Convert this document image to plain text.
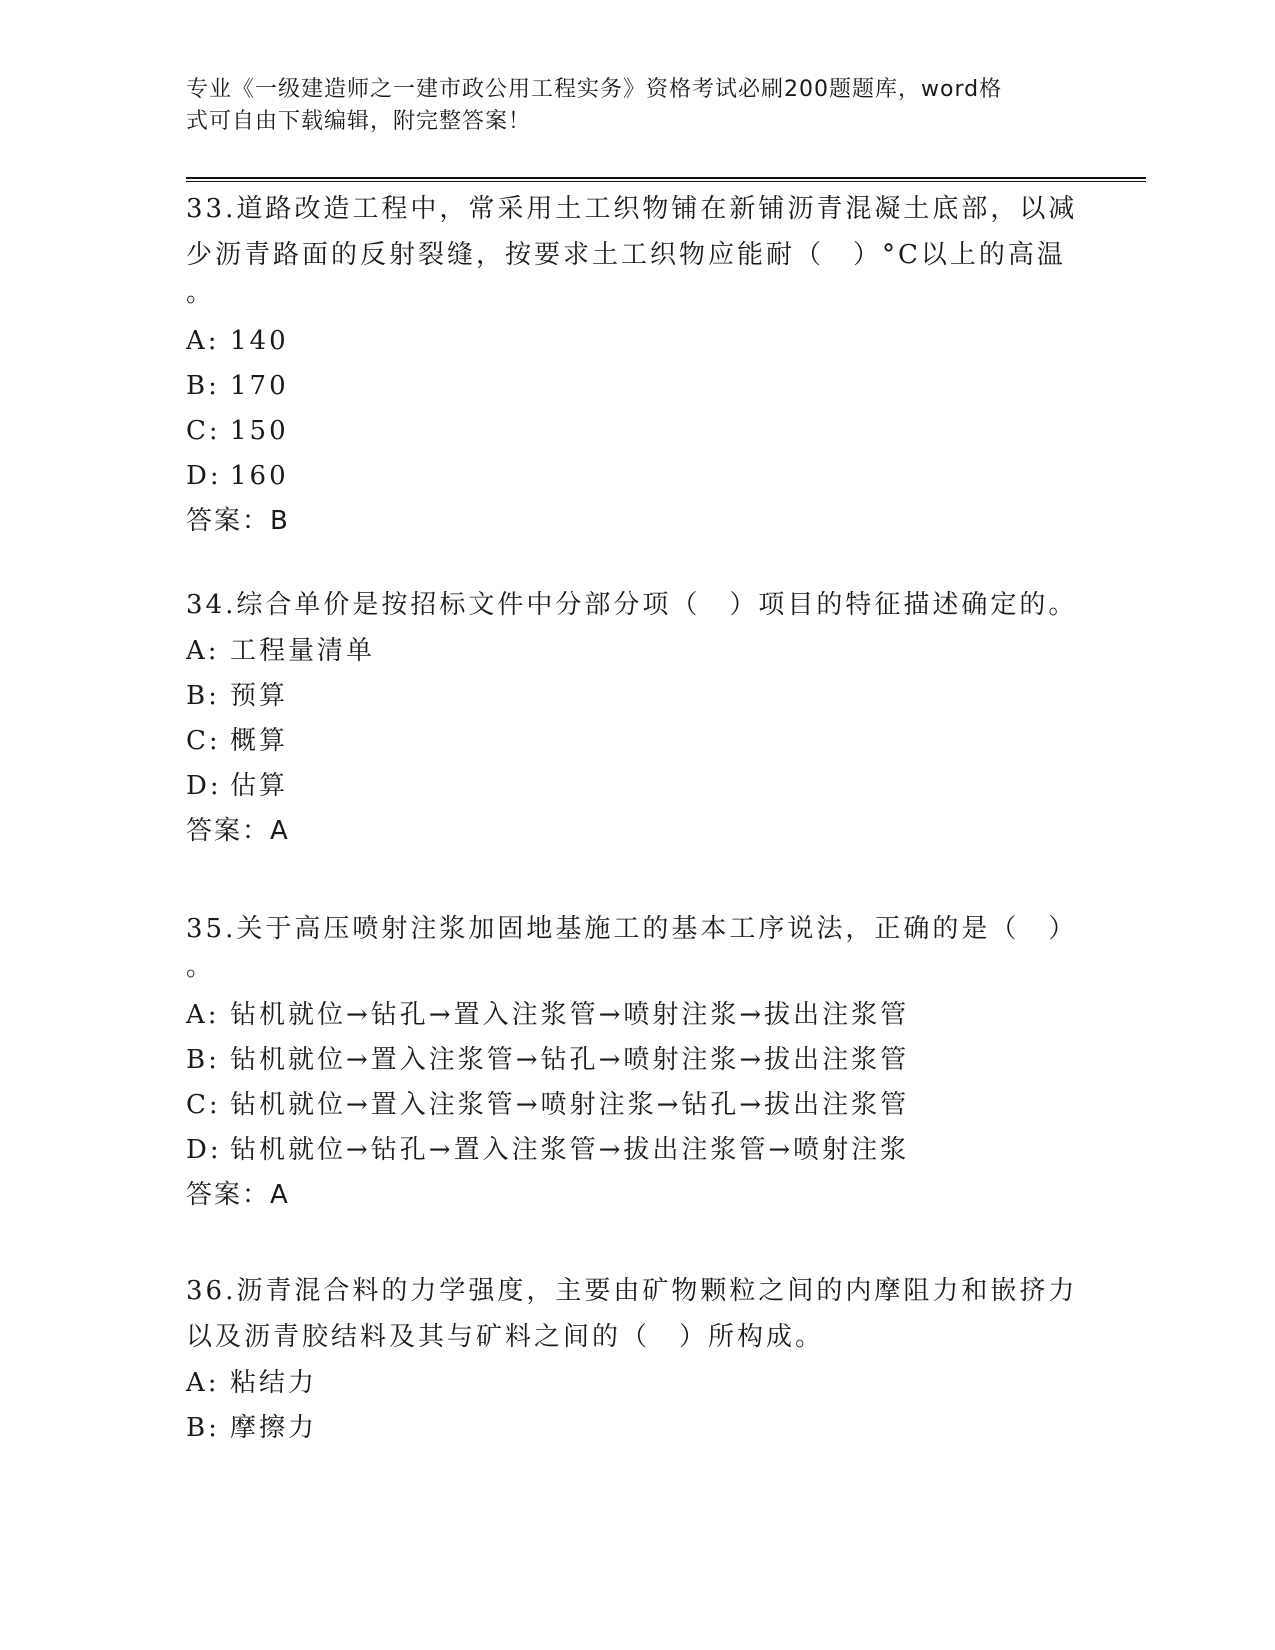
专业《一级建造师之一建市政公用工程实务》资格考试必刷200题题库，word格
式可自由下载编辑，附完整答案！
33.道路改造工程中，常采用土工织物铺在新铺沥青混凝土底部，以减
少沥青路面的反射裂缝，按要求土工织物应能耐（　）°C以上的高温
。
A: 140
B: 170
C: 150
D: 160
答案：B
34.综合单价是按招标文件中分部分项（　）项目的特征描述确定的。
A: 工程量清单
B: 预算
C: 概算
D: 估算
答案：A
35.关于高压喷射注浆加固地基施工的基本工序说法，正确的是（　）
。
A: 钻机就位→钻孔→置入注浆管→喷射注浆→拔出注浆管
B: 钻机就位→置入注浆管→钻孔→喷射注浆→拔出注浆管
C: 钻机就位→置入注浆管→喷射注浆→钻孔→拔出注浆管
D: 钻机就位→钻孔→置入注浆管→拔出注浆管→喷射注浆
答案：A
36.沥青混合料的力学强度，主要由矿物颗粒之间的内摩阻力和嵌挤力
以及沥青胶结料及其与矿料之间的（　）所构成。
A: 粘结力
B: 摩擦力
